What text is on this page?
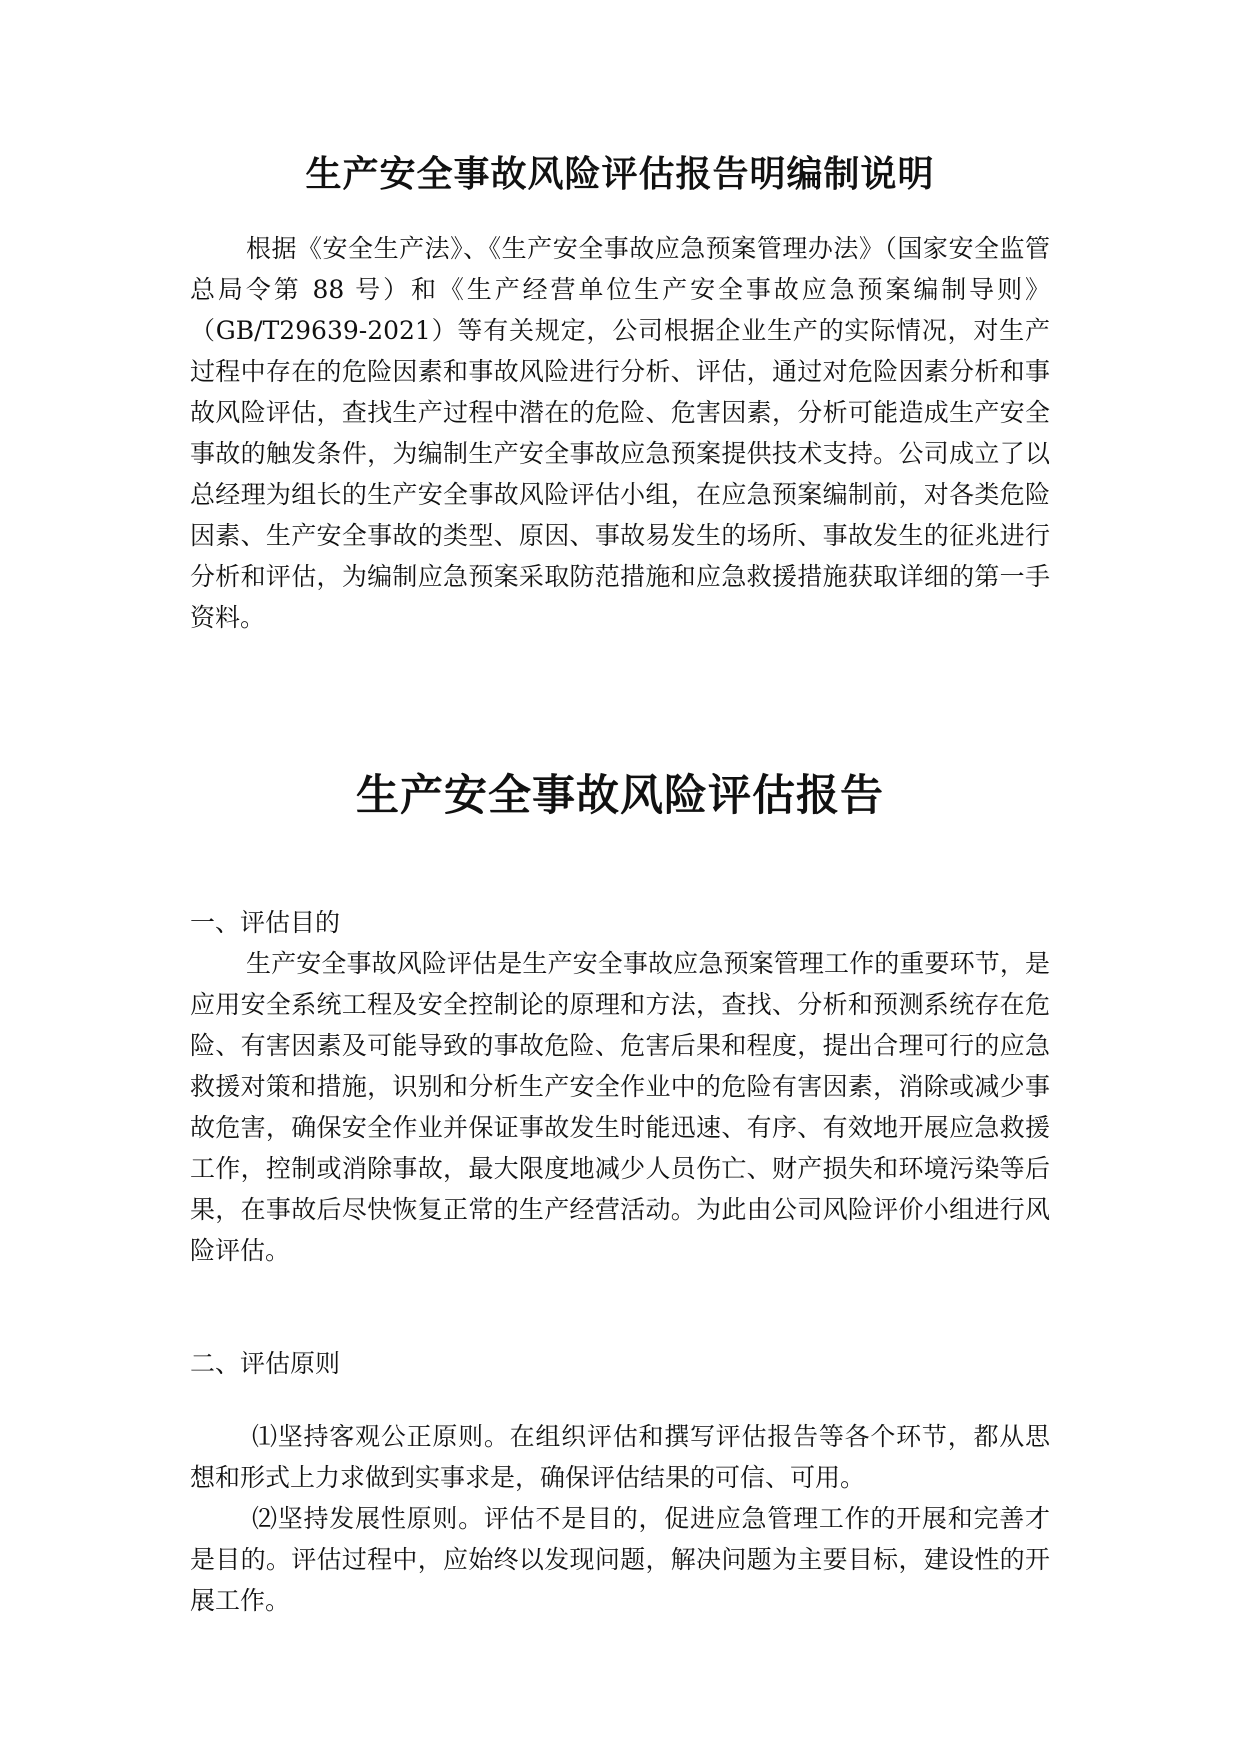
生产安全事故风险评估报告明编制说明

根据《安全生产法》、《生产安全事故应急预案管理办法》（国家安全监管总局令第 88 号）和《生产经营单位生产安全事故应急预案编制导则》（GB/T29639-2021）等有关规定，公司根据企业生产的实际情况，对生产过程中存在的危险因素和事故风险进行分析、评估，通过对危险因素分析和事故风险评估，查找生产过程中潜在的危险、危害因素，分析可能造成生产安全事故的触发条件，为编制生产安全事故应急预案提供技术支持。公司成立了以总经理为组长的生产安全事故风险评估小组，在应急预案编制前，对各类危险因素、生产安全事故的类型、原因、事故易发生的场所、事故发生的征兆进行分析和评估，为编制应急预案采取防范措施和应急救援措施获取详细的第一手资料。

生产安全事故风险评估报告
一、评估目的

生产安全事故风险评估是生产安全事故应急预案管理工作的重要环节，是应用安全系统工程及安全控制论的原理和方法，查找、分析和预测系统存在危险、有害因素及可能导致的事故危险、危害后果和程度，提出合理可行的应急救援对策和措施，识别和分析生产安全作业中的危险有害因素，消除或减少事故危害，确保安全作业并保证事故发生时能迅速、有序、有效地开展应急救援工作，控制或消除事故，最大限度地减少人员伤亡、财产损失和环境污染等后果，在事故后尽快恢复正常的生产经营活动。为此由公司风险评价小组进行风险评估。

二、评估原则

⑴坚持客观公正原则。在组织评估和撰写评估报告等各个环节，都从思想和形式上力求做到实事求是，确保评估结果的可信、可用。

⑵坚持发展性原则。评估不是目的，促进应急管理工作的开展和完善才是目的。评估过程中，应始终以发现问题，解决问题为主要目标，建设性的开展工作。
